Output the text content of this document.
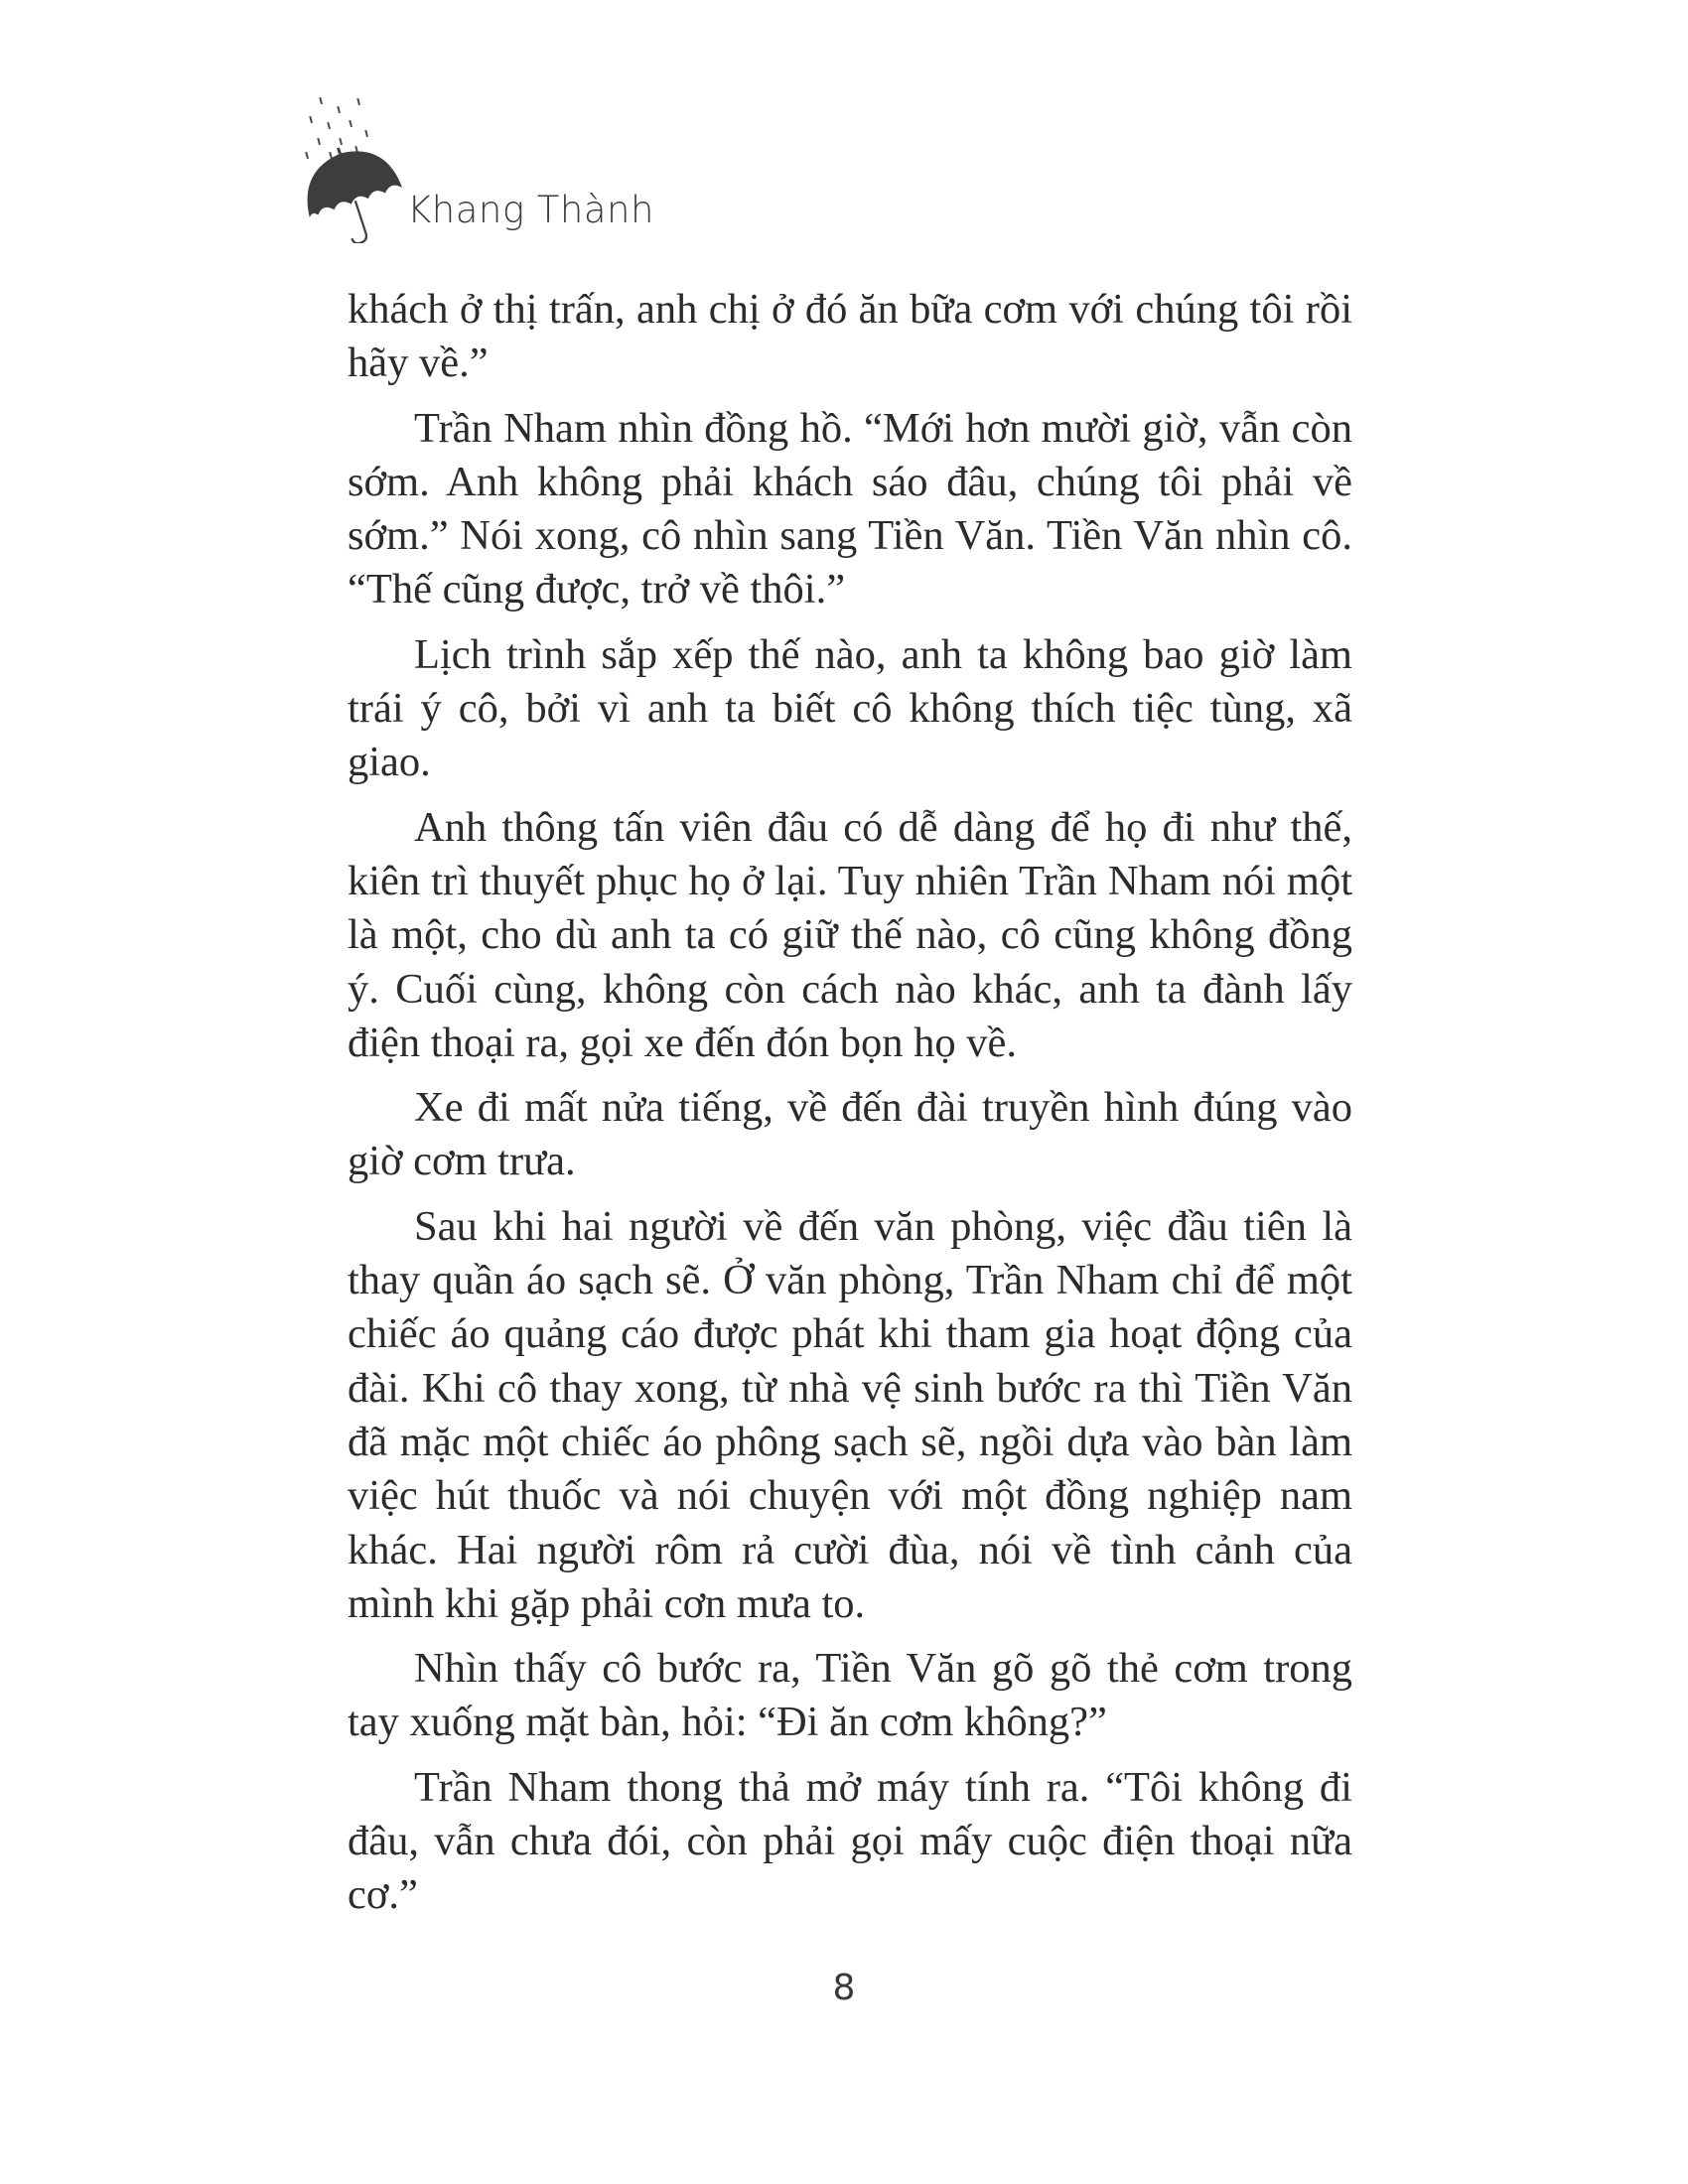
Khang Thành

khách ở thị trấn, anh chị ở đó ăn bữa cơm với chúng tôi rồi hãy về.”

Trần Nham nhìn đồng hồ. “Mới hơn mười giờ, vẫn còn sớm. Anh không phải khách sáo đâu, chúng tôi phải về sớm.” Nói xong, cô nhìn sang Tiền Văn. Tiền Văn nhìn cô. “Thế cũng được, trở về thôi.”

Lịch trình sắp xếp thế nào, anh ta không bao giờ làm trái ý cô, bởi vì anh ta biết cô không thích tiệc tùng, xã giao.

Anh thông tấn viên đâu có dễ dàng để họ đi như thế, kiên trì thuyết phục họ ở lại. Tuy nhiên Trần Nham nói một là một, cho dù anh ta có giữ thế nào, cô cũng không đồng ý. Cuối cùng, không còn cách nào khác, anh ta đành lấy điện thoại ra, gọi xe đến đón bọn họ về.

Xe đi mất nửa tiếng, về đến đài truyền hình đúng vào giờ cơm trưa.

Sau khi hai người về đến văn phòng, việc đầu tiên là thay quần áo sạch sẽ. Ở văn phòng, Trần Nham chỉ để một chiếc áo quảng cáo được phát khi tham gia hoạt động của đài. Khi cô thay xong, từ nhà vệ sinh bước ra thì Tiền Văn đã mặc một chiếc áo phông sạch sẽ, ngồi dựa vào bàn làm việc hút thuốc và nói chuyện với một đồng nghiệp nam khác. Hai người rôm rả cười đùa, nói về tình cảnh của mình khi gặp phải cơn mưa to.

Nhìn thấy cô bước ra, Tiền Văn gõ gõ thẻ cơm trong tay xuống mặt bàn, hỏi: “Đi ăn cơm không?”

Trần Nham thong thả mở máy tính ra. “Tôi không đi đâu, vẫn chưa đói, còn phải gọi mấy cuộc điện thoại nữa cơ.”

8
